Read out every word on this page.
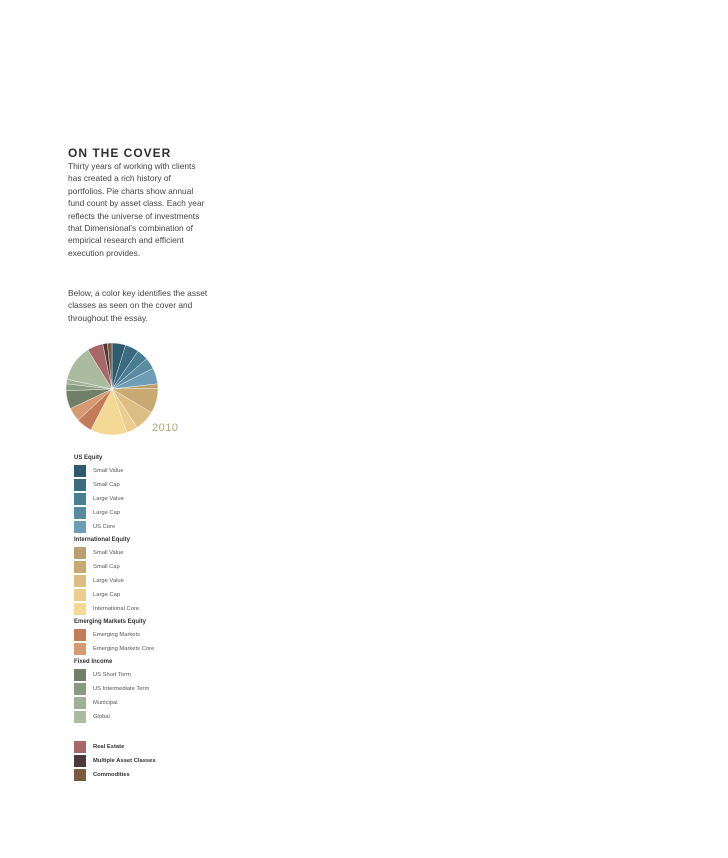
ON THE COVER

Thirty years of working with clients has created a rich history of portfolios. Pie charts show annual fund count by asset class. Each year reflects the universe of investments that Dimensional's combination of empirical research and efficient execution provides.

Below, a color key identifies the asset classes as seen on the cover and throughout the essay.

2010
US Equity
Small Value
Small Cap
Large Value
Large Cap
US Core
International Equity
Small Value
Small Cap
Large Value
Large Cap
International Core
Emerging Markets Equity
Emerging Markets
Emerging Markets Core
Fixed Income
US Short Term
US Intermediate Term
Municipal
Global
Real Estate
Multiple Asset Classes
Commodities
